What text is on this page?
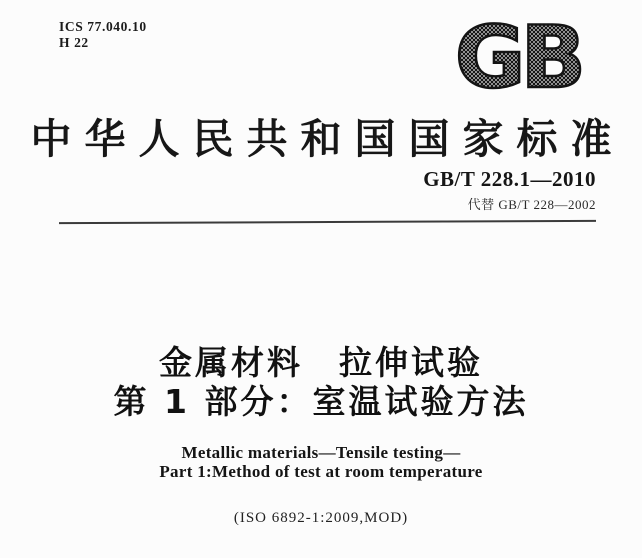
ICS 77.040.10
H 22	GB
中华人民共和国国家标准
GB/T 228.1—2010
代替 GB/T 228—2002
金属材料　拉伸试验
第 1 部分：室温试验方法
Metallic materials—Tensile testing—
Part 1:Method of test at room temperature
(ISO 6892-1:2009,MOD)
